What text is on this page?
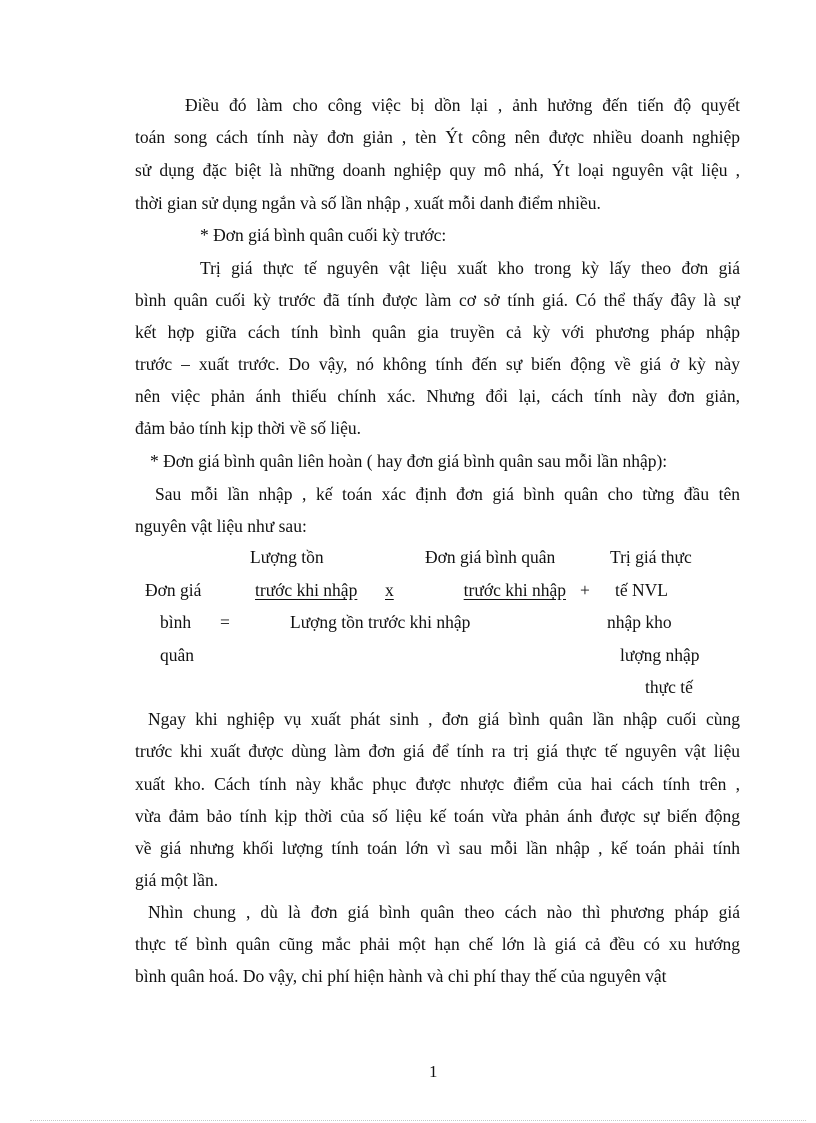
Điều đó làm cho công việc bị dồn lại , ảnh hưởng đến tiến độ quyết
toán song cách tính này đơn giản , tèn Ýt công nên được nhiều doanh nghiệp
sử dụng đặc biệt là những doanh nghiệp quy mô nhá, Ýt loại nguyên vật liệu ,
thời gian sử dụng ngắn và số lần nhập , xuất mỗi danh điểm nhiều.
* Đơn giá bình quân cuối kỳ trước:
Trị giá thực tế nguyên vật liệu xuất kho trong kỳ lấy theo đơn giá
bình quân cuối kỳ trước đã tính được làm cơ sở tính giá. Có thể thấy đây là sự
kết hợp giữa cách tính bình quân gia truyền cả kỳ với phương pháp nhập
trước – xuất trước. Do vậy, nó không tính đến sự biến động về giá ở kỳ này
nên việc phản ánh thiếu chính xác. Nhưng đổi lại, cách tính này đơn giản,
đảm bảo tính kịp thời về số liệu.
* Đơn giá bình quân liên hoàn ( hay đơn giá bình quân sau mỗi lần nhập):
Sau mỗi lần nhập , kế toán xác định đơn giá bình quân cho từng đầu tên
nguyên vật liệu như sau:
Lượng tồn	Đơn giá bình quân	Trị giá thực
Đơn giá	trước khi nhập x	trước khi nhập + tế NVL
bình =	Lượng tồn trước khi nhập	nhập kho
quân	lượng nhập
thực tế
Ngay khi nghiệp vụ xuất phát sinh , đơn giá bình quân lần nhập cuối cùng
trước khi xuất được dùng làm đơn giá để tính ra trị giá thực tế nguyên vật liệu
xuất kho. Cách tính này khắc phục được nhược điểm của hai cách tính trên ,
vừa đảm bảo tính kịp thời của số liệu kế toán vừa phản ánh được sự biến động
về giá nhưng khối lượng tính toán lớn vì sau mỗi lần nhập , kế toán phải tính
giá một lần.
Nhìn chung , dù là đơn giá bình quân theo cách nào thì phương pháp giá
thực tế bình quân cũng mắc phải một hạn chế lớn là giá cả đều có xu hướng
bình quân hoá. Do vậy, chi phí hiện hành và chi phí thay thế của nguyên vật
1
